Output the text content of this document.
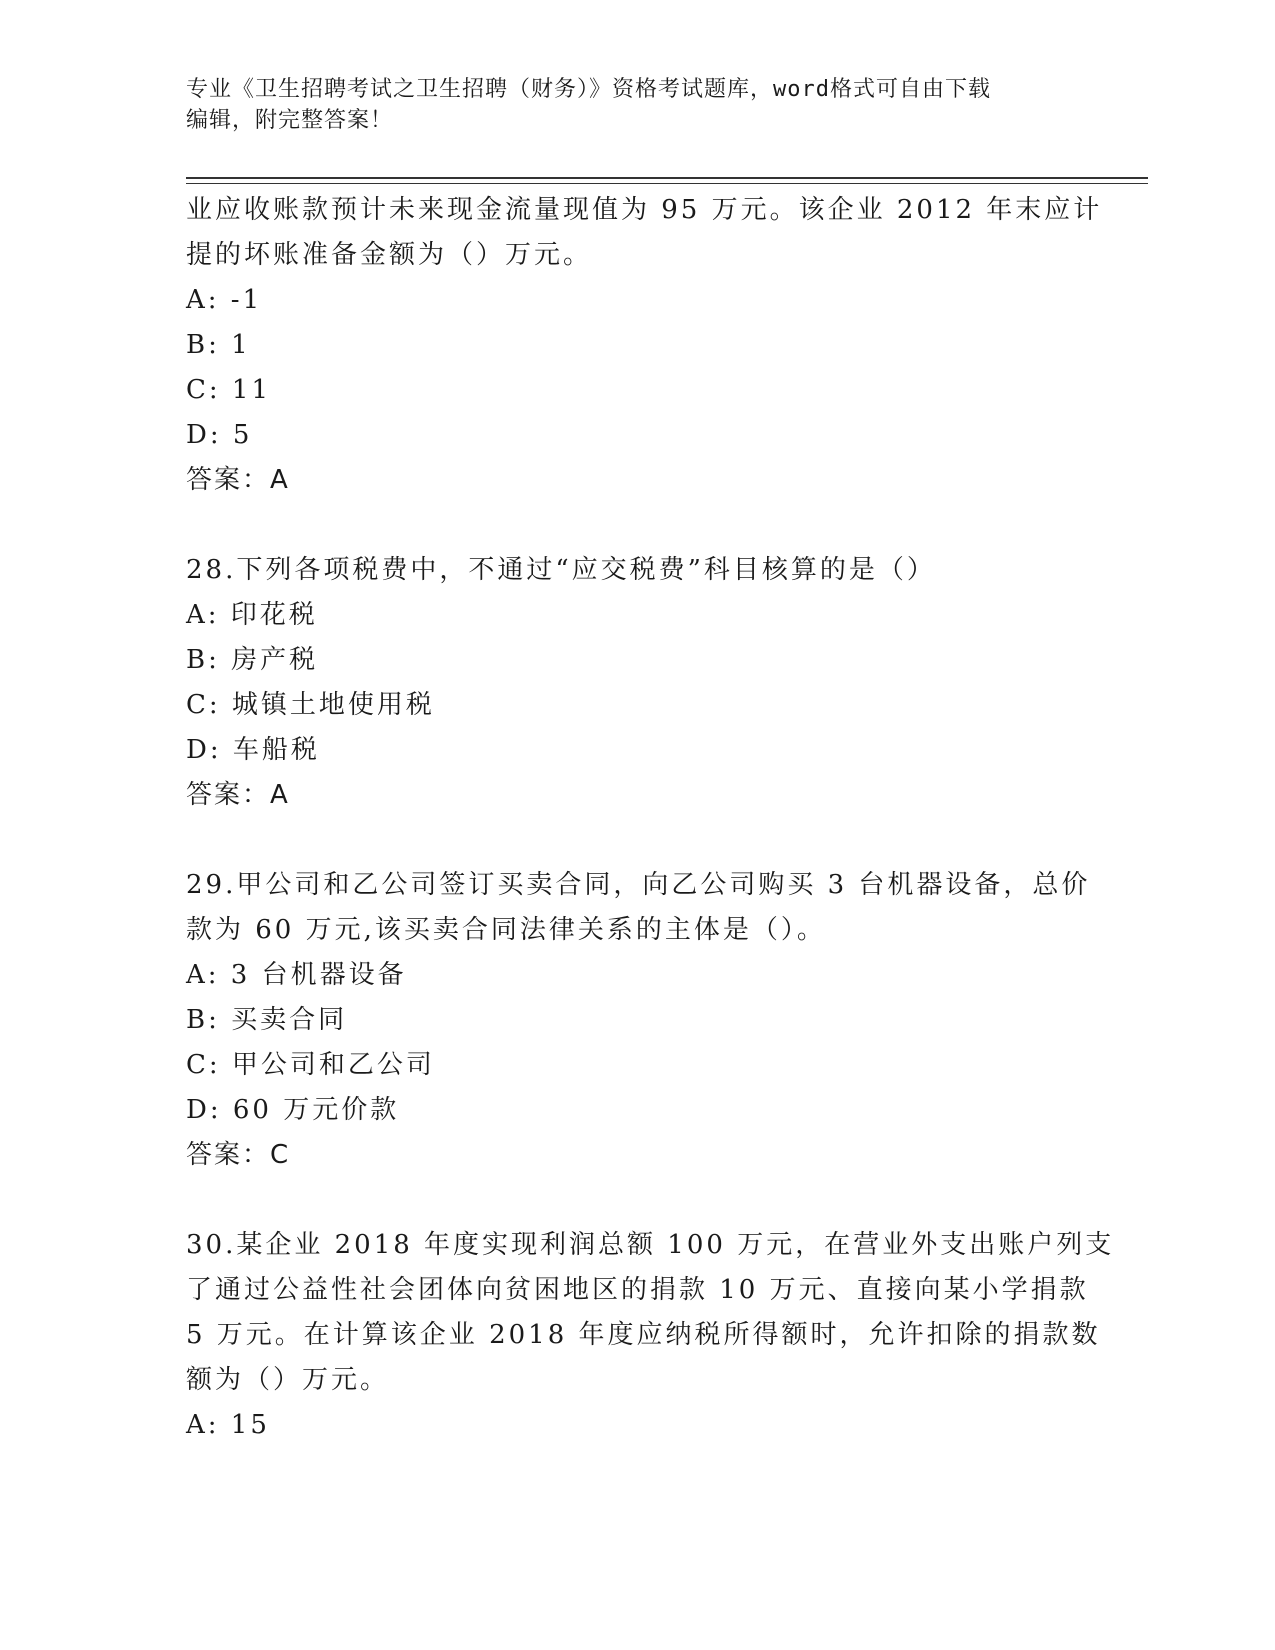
专业《卫生招聘考试之卫生招聘（财务）》资格考试题库，word格式可自由下载
编辑，附完整答案！
业应收账款预计未来现金流量现值为 95 万元。该企业 2012 年末应计
提的坏账准备金额为（）万元。
A: -1
B: 1
C: 11
D: 5
答案：A
28.下列各项税费中，不通过“应交税费”科目核算的是（）
A: 印花税
B: 房产税
C: 城镇土地使用税
D: 车船税
答案：A
29.甲公司和乙公司签订买卖合同，向乙公司购买 3 台机器设备，总价
款为 60 万元,该买卖合同法律关系的主体是（）。
A: 3 台机器设备
B: 买卖合同
C: 甲公司和乙公司
D: 60 万元价款
答案：C
30.某企业 2018 年度实现利润总额 100 万元，在营业外支出账户列支
了通过公益性社会团体向贫困地区的捐款 10 万元、直接向某小学捐款
5 万元。在计算该企业 2018 年度应纳税所得额时，允许扣除的捐款数
额为（）万元。
A: 15
